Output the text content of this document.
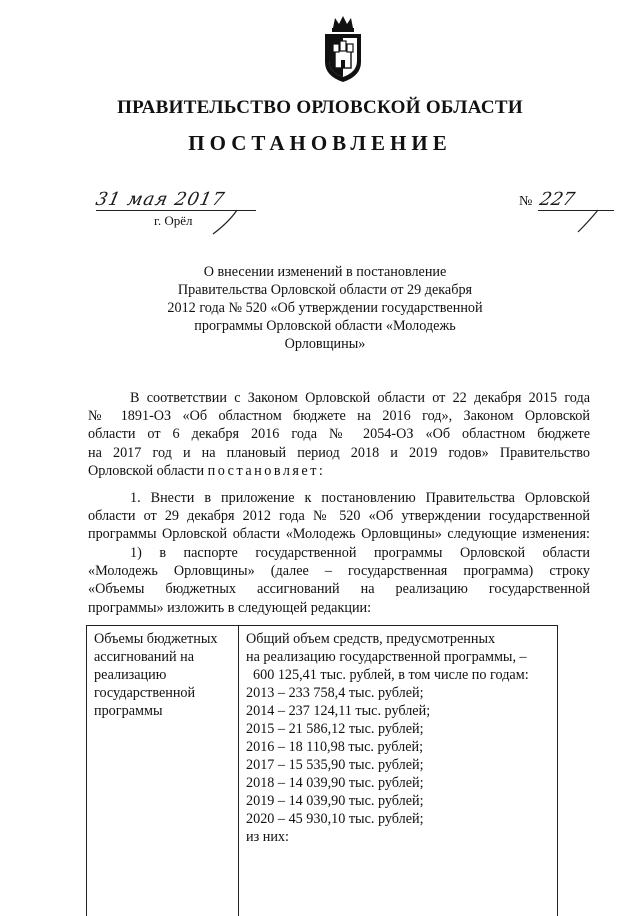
ПРАВИТЕЛЬСТВО ОРЛОВСКОЙ ОБЛАСТИ
ПОСТАНОВЛЕНИЕ
31 мая 2017
г. Орёл
№ 227
О внесении изменений в постановление
Правительства Орловской области от 29 декабря
2012 года № 520 «Об утверждении государственной
программы Орловской области «Молодежь
Орловщины»
В соответствии с Законом Орловской области от 22 декабря 2015 года
№ 1891-ОЗ «Об областном бюджете на 2016 год», Законом Орловской
области от 6 декабря 2016 года № 2054-ОЗ «Об областном бюджете
на 2017 год и на плановый период 2018 и 2019 годов» Правительство
Орловской области постановляет:
1. Внести в приложение к постановлению Правительства Орловской
области от 29 декабря 2012 года № 520 «Об утверждении государственной
программы Орловской области «Молодежь Орловщины» следующие изменения:
1) в паспорте государственной программы Орловской области
«Молодежь Орловщины» (далее – государственная программа) строку
«Объемы бюджетных ассигнований на реализацию государственной
программы» изложить в следующей редакции:
Объемы бюджетных
ассигнований на
реализацию
государственной
программы
Общий объем средств, предусмотренных
на реализацию государственной программы, –
600 125,41 тыс. рублей, в том числе по годам:
2013 – 233 758,4 тыс. рублей;
2014 – 237 124,11 тыс. рублей;
2015 – 21 586,12 тыс. рублей;
2016 – 18 110,98 тыс. рублей;
2017 – 15 535,90 тыс. рублей;
2018 – 14 039,90 тыс. рублей;
2019 – 14 039,90 тыс. рублей;
2020 – 45 930,10 тыс. рублей;
из них:
